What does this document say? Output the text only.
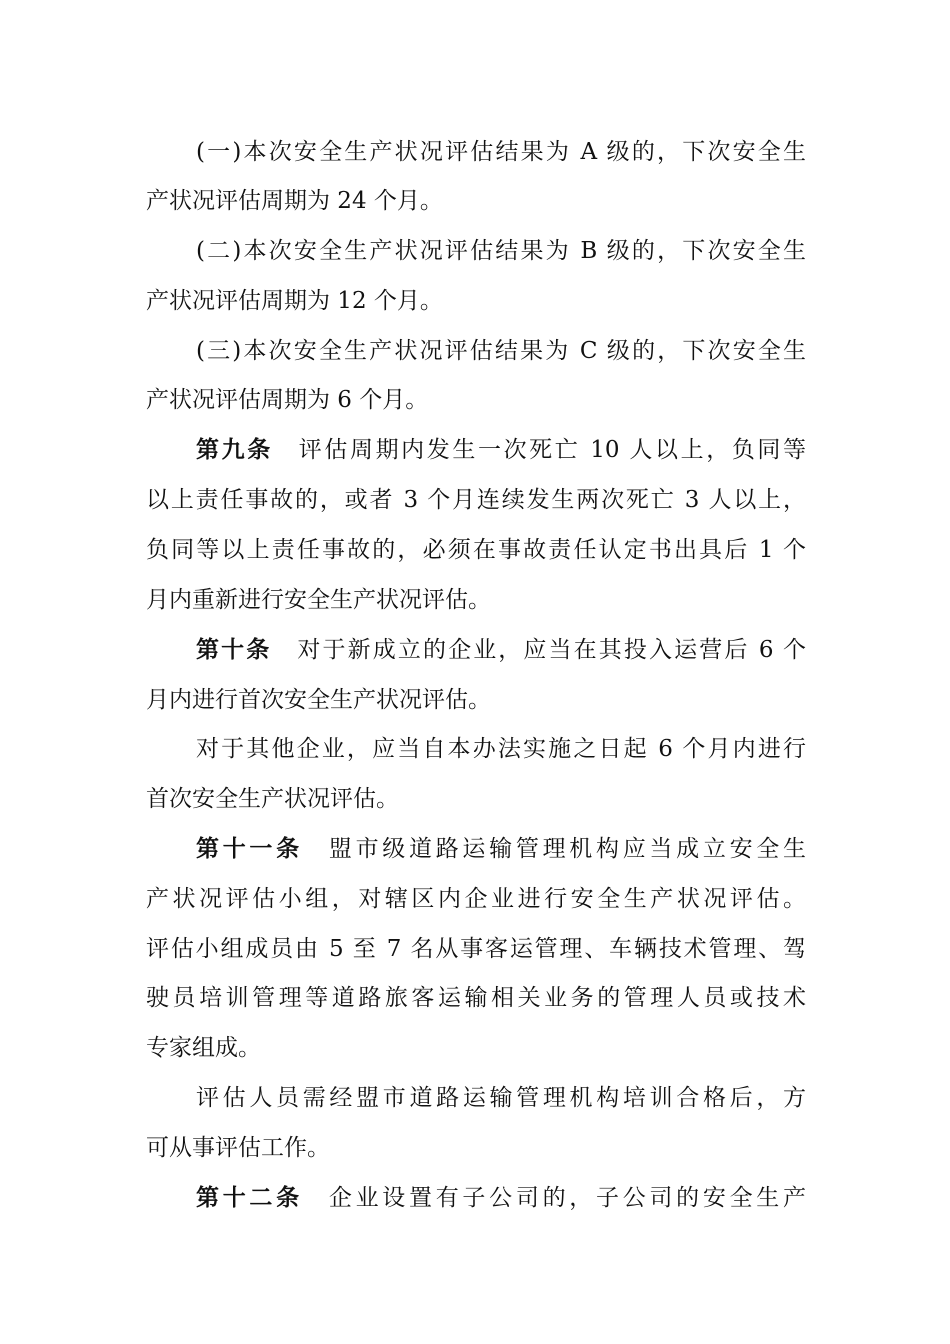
(一)本次安全生产状况评估结果为 A 级的，下次安全生
产状况评估周期为 24 个月。
(二)本次安全生产状况评估结果为 B 级的，下次安全生
产状况评估周期为 12 个月。
(三)本次安全生产状况评估结果为 C 级的，下次安全生
产状况评估周期为 6 个月。
第九条 评估周期内发生一次死亡 10 人以上，负同等
以上责任事故的，或者 3 个月连续发生两次死亡 3 人以上，
负同等以上责任事故的，必须在事故责任认定书出具后 1 个
月内重新进行安全生产状况评估。
第十条 对于新成立的企业，应当在其投入运营后 6 个
月内进行首次安全生产状况评估。
对于其他企业，应当自本办法实施之日起 6 个月内进行
首次安全生产状况评估。
第十一条 盟市级道路运输管理机构应当成立安全生
产状况评估小组，对辖区内企业进行安全生产状况评估。
评估小组成员由 5 至 7 名从事客运管理、车辆技术管理、驾
驶员培训管理等道路旅客运输相关业务的管理人员或技术
专家组成。
评估人员需经盟市道路运输管理机构培训合格后，方
可从事评估工作。
第十二条 企业设置有子公司的，子公司的安全生产
